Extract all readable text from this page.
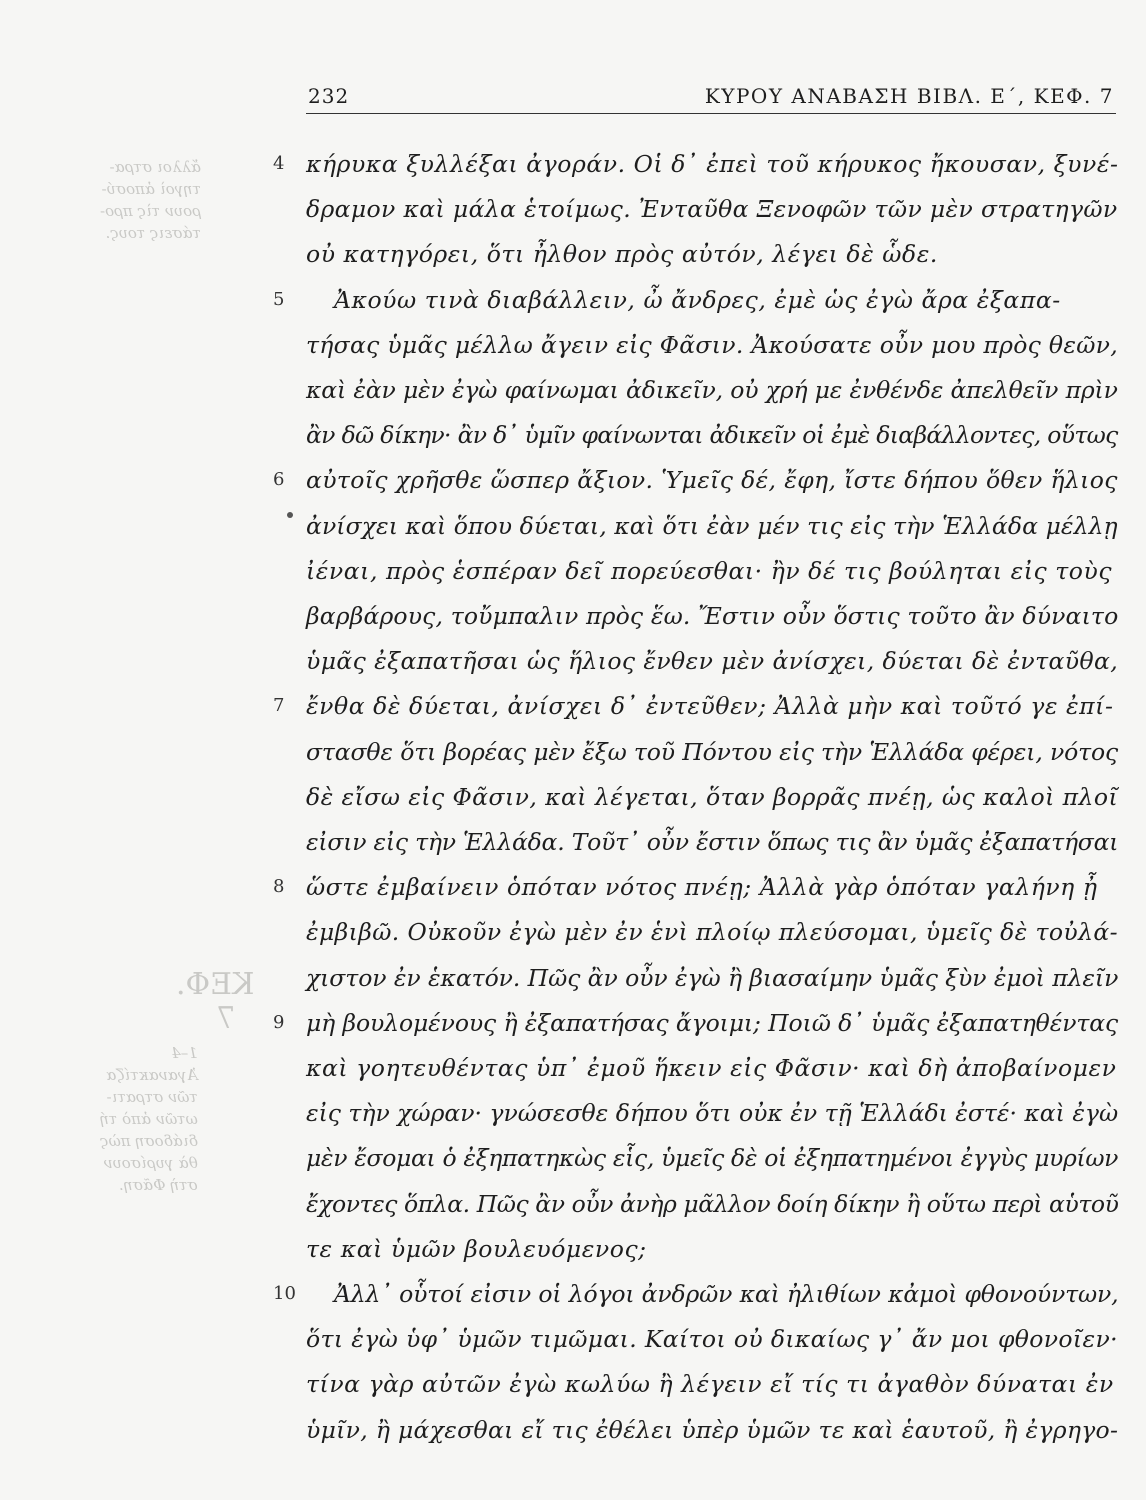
ἄλλοι στρα-
τηγοὶ ἀποσύ-
ρουν τὶς προ-
τάσεις τους.
ΚΕΦ.
7
1–4
Ἀγανακτίζα
τῶν στρατι-
ωτῶν ἀπὸ τή
διάδοση πὼς
θὰ γυρίσουν
στὴ Φᾶση.
232	ΚΥΡΟΥ ΑΝΑΒΑΣΗ ΒΙΒΛ. Ε΄, ΚΕΦ. 7
4 κήρυκα ξυλλέξαι ἀγοράν. Οἱ δ᾽ ἐπεὶ τοῦ κήρυκος ἤκουσαν, ξυνέ-
δραμον καὶ μάλα ἑτοίμως. Ἐνταῦθα Ξενοφῶν τῶν μὲν στρατηγῶν
οὐ κατηγόρει, ὅτι ἦλθον πρὸς αὐτόν, λέγει δὲ ὧδε.
5	Ἀκούω τινὰ διαβάλλειν, ὦ ἄνδρες, ἐμὲ ὡς ἐγὼ ἄρα ἐξαπα-
τήσας ὑμᾶς μέλλω ἄγειν εἰς Φᾶσιν. Ἀκούσατε οὖν μου πρὸς θεῶν,
καὶ ἐὰν μὲν ἐγὼ φαίνωμαι ἀδικεῖν, οὐ χρή με ἐνθένδε ἀπελθεῖν πρὶν
ἂν δῶ δίκην· ἂν δ᾽ ὑμῖν φαίνωνται ἀδικεῖν οἱ ἐμὲ διαβάλλοντες, οὕτως
6 αὐτοῖς χρῆσθε ὥσπερ ἄξιον. Ὑμεῖς δέ, ἔφη, ἴστε δήπου ὅθεν ἥλιος
ἀνίσχει καὶ ὅπου δύεται, καὶ ὅτι ἐὰν μέν τις εἰς τὴν Ἑλλάδα μέλλῃ
ἰέναι, πρὸς ἑσπέραν δεῖ πορεύεσθαι· ἢν δέ τις βούληται εἰς τοὺς
βαρβάρους, τοὔμπαλιν πρὸς ἕω. Ἔστιν οὖν ὅστις τοῦτο ἂν δύναιτο
ὑμᾶς ἐξαπατῆσαι ὡς ἥλιος ἔνθεν μὲν ἀνίσχει, δύεται δὲ ἐνταῦθα,
7 ἔνθα δὲ δύεται, ἀνίσχει δ᾽ ἐντεῦθεν; Ἀλλὰ μὴν καὶ τοῦτό γε ἐπί-
στασθε ὅτι βορέας μὲν ἔξω τοῦ Πόντου εἰς τὴν Ἑλλάδα φέρει, νότος
δὲ εἴσω εἰς Φᾶσιν, καὶ λέγεται, ὅταν βορρᾶς πνέῃ, ὡς καλοὶ πλοῖ
εἰσιν εἰς τὴν Ἑλλάδα. Τοῦτ᾽ οὖν ἔστιν ὅπως τις ἂν ὑμᾶς ἐξαπατήσαι
8 ὥστε ἐμβαίνειν ὁπόταν νότος πνέῃ; Ἀλλὰ γὰρ ὁπόταν γαλήνη ᾖ
ἐμβιβῶ. Οὐκοῦν ἐγὼ μὲν ἐν ἑνὶ πλοίῳ πλεύσομαι, ὑμεῖς δὲ τοὐλά-
χιστον ἐν ἑκατόν. Πῶς ἂν οὖν ἐγὼ ἢ βιασαίμην ὑμᾶς ξὺν ἐμοὶ πλεῖν
9 μὴ βουλομένους ἢ ἐξαπατήσας ἄγοιμι; Ποιῶ δ᾽ ὑμᾶς ἐξαπατηθέντας
καὶ γοητευθέντας ὑπ᾽ ἐμοῦ ἥκειν εἰς Φᾶσιν· καὶ δὴ ἀποβαίνομεν
εἰς τὴν χώραν· γνώσεσθε δήπου ὅτι οὐκ ἐν τῇ Ἑλλάδι ἐστέ· καὶ ἐγὼ
μὲν ἔσομαι ὁ ἐξηπατηκὼς εἷς, ὑμεῖς δὲ οἱ ἐξηπατημένοι ἐγγὺς μυρίων
ἔχοντες ὅπλα. Πῶς ἂν οὖν ἀνὴρ μᾶλλον δοίη δίκην ἢ οὕτω περὶ αὑτοῦ
τε καὶ ὑμῶν βουλευόμενος;
10 Ἀλλ᾽ οὗτοί εἰσιν οἱ λόγοι ἀνδρῶν καὶ ἠλιθίων κἀμοὶ φθονούντων,
ὅτι ἐγὼ ὑφ᾽ ὑμῶν τιμῶμαι. Καίτοι οὐ δικαίως γ᾽ ἄν μοι φθονοῖεν·
τίνα γὰρ αὐτῶν ἐγὼ κωλύω ἢ λέγειν εἴ τίς τι ἀγαθὸν δύναται ἐν
ὑμῖν, ἢ μάχεσθαι εἴ τις ἐθέλει ὑπὲρ ὑμῶν τε καὶ ἑαυτοῦ, ἢ ἐγρηγο-
